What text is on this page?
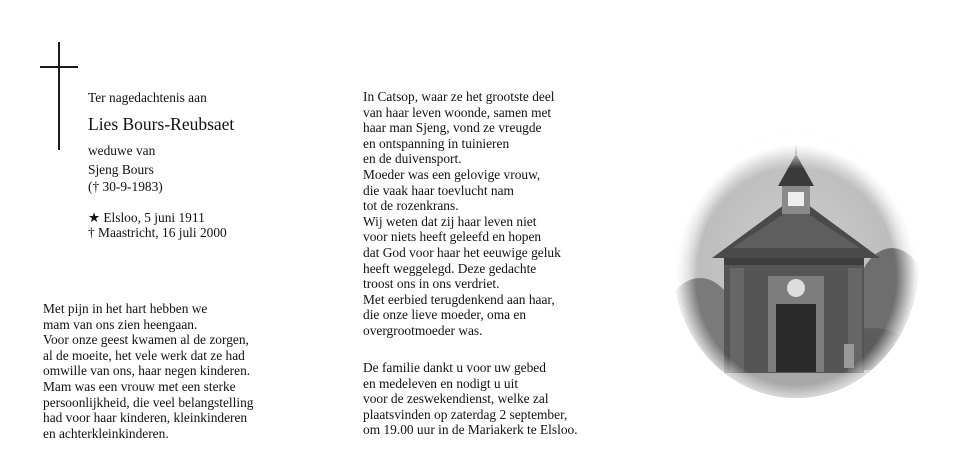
Ter nagedachtenis aan
Lies Bours-Reubsaet
weduwe van
Sjeng Bours
(† 30-9-1983)
★ Elsloo, 5 juni 1911
† Maastricht, 16 juli 2000
Met pijn in het hart hebben we
mam van ons zien heengaan.
Voor onze geest kwamen al de zorgen,
al de moeite, het vele werk dat ze had
omwille van ons, haar negen kinderen.
Mam was een vrouw met een sterke
persoonlijkheid, die veel belangstelling
had voor haar kinderen, kleinkinderen
en achterkleinkinderen.
In Catsop, waar ze het grootste deel
van haar leven woonde, samen met
haar man Sjeng, vond ze vreugde
en ontspanning in tuinieren
en de duivensport.
Moeder was een gelovige vrouw,
die vaak haar toevlucht nam
tot de rozenkrans.
Wij weten dat zij haar leven niet
voor niets heeft geleefd en hopen
dat God voor haar het eeuwige geluk
heeft weggelegd. Deze gedachte
troost ons in ons verdriet.
Met eerbied terugdenkend aan haar,
die onze lieve moeder, oma en
overgrootmoeder was.
De familie dankt u voor uw gebed
en medeleven en nodigt u uit
voor de zeswekendienst, welke zal
plaatsvinden op zaterdag 2 september,
om 19.00 uur in de Mariakerk te Elsloo.
